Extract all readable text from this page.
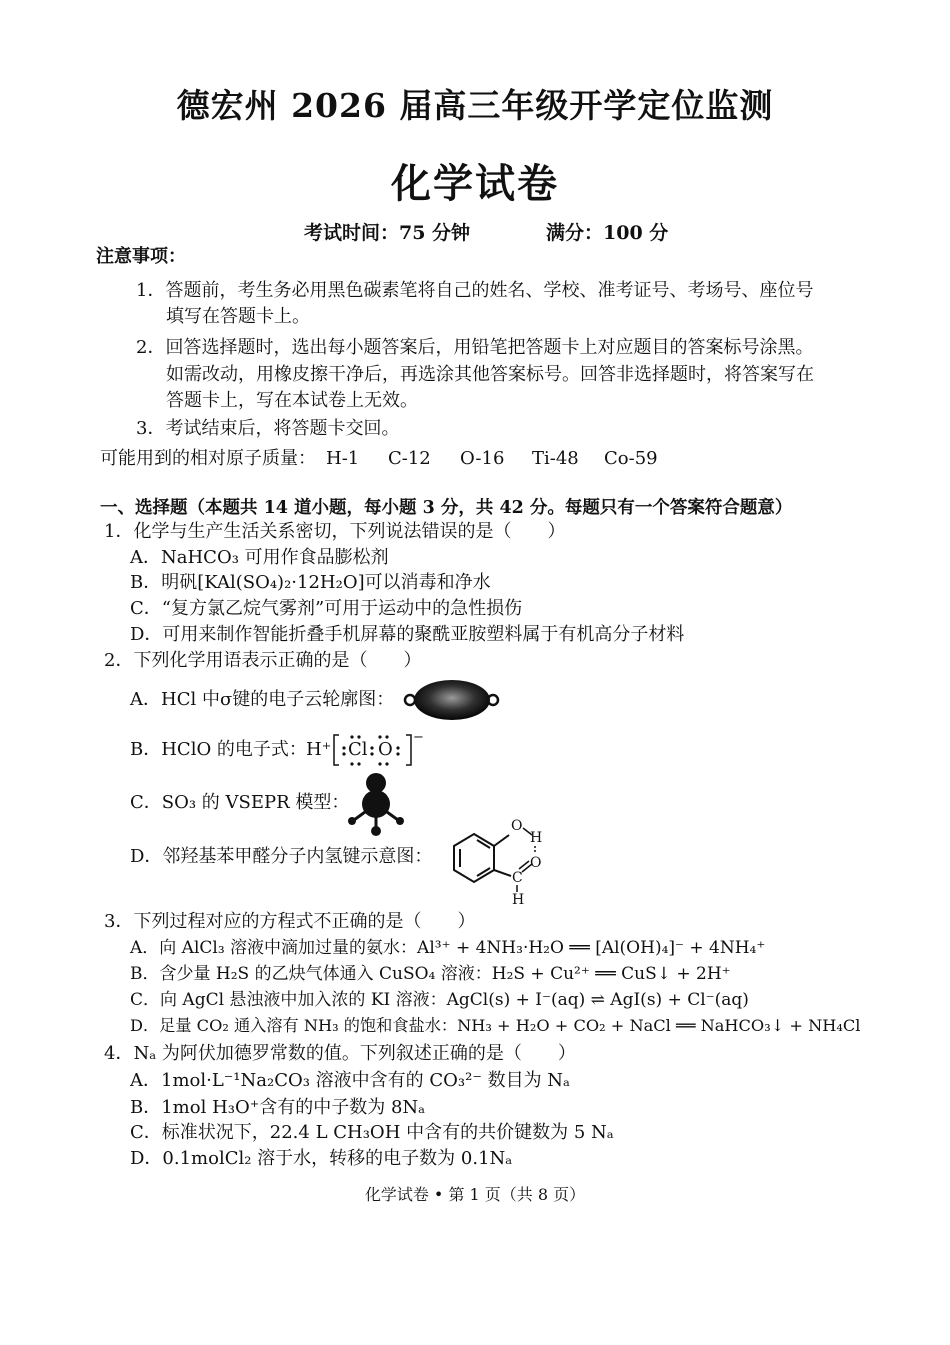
德宏州 2026 届高三年级开学定位监测
化学试卷
考试时间：75 分钟	满分：100 分
注意事项：
1．答题前，考生务必用黑色碳素笔将自己的姓名、学校、准考证号、考场号、座位号
填写在答题卡上。
2．回答选择题时，选出每小题答案后，用铅笔把答题卡上对应题目的答案标号涂黑。
如需改动，用橡皮擦干净后，再选涂其他答案标号。回答非选择题时，将答案写在
答题卡上，写在本试卷上无效。
3．考试结束后，将答题卡交回。
可能用到的相对原子质量： H-1 C-12 O-16 Ti-48 Co-59
一、选择题（本题共 14 道小题，每小题 3 分，共 42 分。每题只有一个答案符合题意）
1．化学与生产生活关系密切，下列说法错误的是（　　）
A．NaHCO₃ 可用作食品膨松剂
B．明矾[KAl(SO₄)₂·12H₂O]可以消毒和净水
C．“复方氯乙烷气雾剂”可用于运动中的急性损伤
D．可用来制作智能折叠手机屏幕的聚酰亚胺塑料属于有机高分子材料
2．下列化学用语表示正确的是（　　）
A．HCl 中σ键的电子云轮廓图：
B．HClO 的电子式： H⁺ Cl O
−
C．SO₃ 的 VSEPR 模型：
D．邻羟基苯甲醛分子内氢键示意图：
O
H
O
C
H
3．下列过程对应的方程式不正确的是（　　）
A．向 AlCl₃ 溶液中滴加过量的氨水：Al³⁺ + 4NH₃·H₂O ══ [Al(OH)₄]⁻ + 4NH₄⁺
B．含少量 H₂S 的乙炔气体通入 CuSO₄ 溶液：H₂S + Cu²⁺ ══ CuS↓ + 2H⁺
C．向 AgCl 悬浊液中加入浓的 KI 溶液：AgCl(s) + I⁻(aq) ⇌ AgI(s) + Cl⁻(aq)
D．足量 CO₂ 通入溶有 NH₃ 的饱和食盐水：NH₃ + H₂O + CO₂ + NaCl ══ NaHCO₃↓ + NH₄Cl
4．Nₐ 为阿伏加德罗常数的值。下列叙述正确的是（　　）
A．1mol·L⁻¹Na₂CO₃ 溶液中含有的 CO₃²⁻ 数目为 Nₐ
B．1mol H₃O⁺含有的中子数为 8Nₐ
C．标准状况下，22.4 L CH₃OH 中含有的共价键数为 5 Nₐ
D．0.1molCl₂ 溶于水，转移的电子数为 0.1Nₐ
化学试卷 • 第 1 页（共 8 页）
